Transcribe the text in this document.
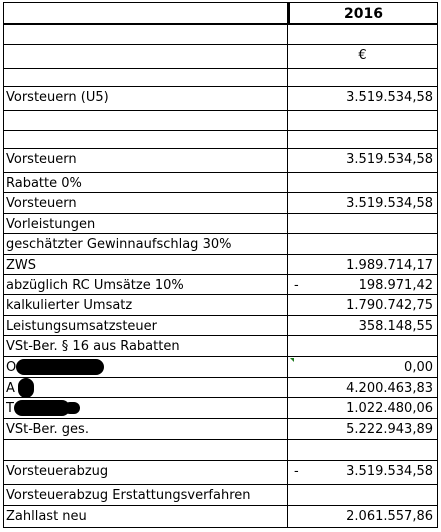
2016
€
Vorsteuern (U5)	3.519.534,58
Vorsteuern	3.519.534,58
Rabatte 0%
Vorsteuern	3.519.534,58
Vorleistungen
geschätzter Gewinnaufschlag 30%
ZWS	1.989.714,17
abzüglich RC Umsätze 10%	-	198.971,42
kalkulierter Umsatz	1.790.742,75
Leistungsumsatzsteuer	358.148,55
VSt-Ber. § 16 aus Rabatten
O	0,00
A	4.200.463,83
T	1.022.480,06
VSt-Ber. ges.	5.222.943,89
Vorsteuerabzug	-	3.519.534,58
Vorsteuerabzug Erstattungsverfahren
Zahllast neu	2.061.557,86
